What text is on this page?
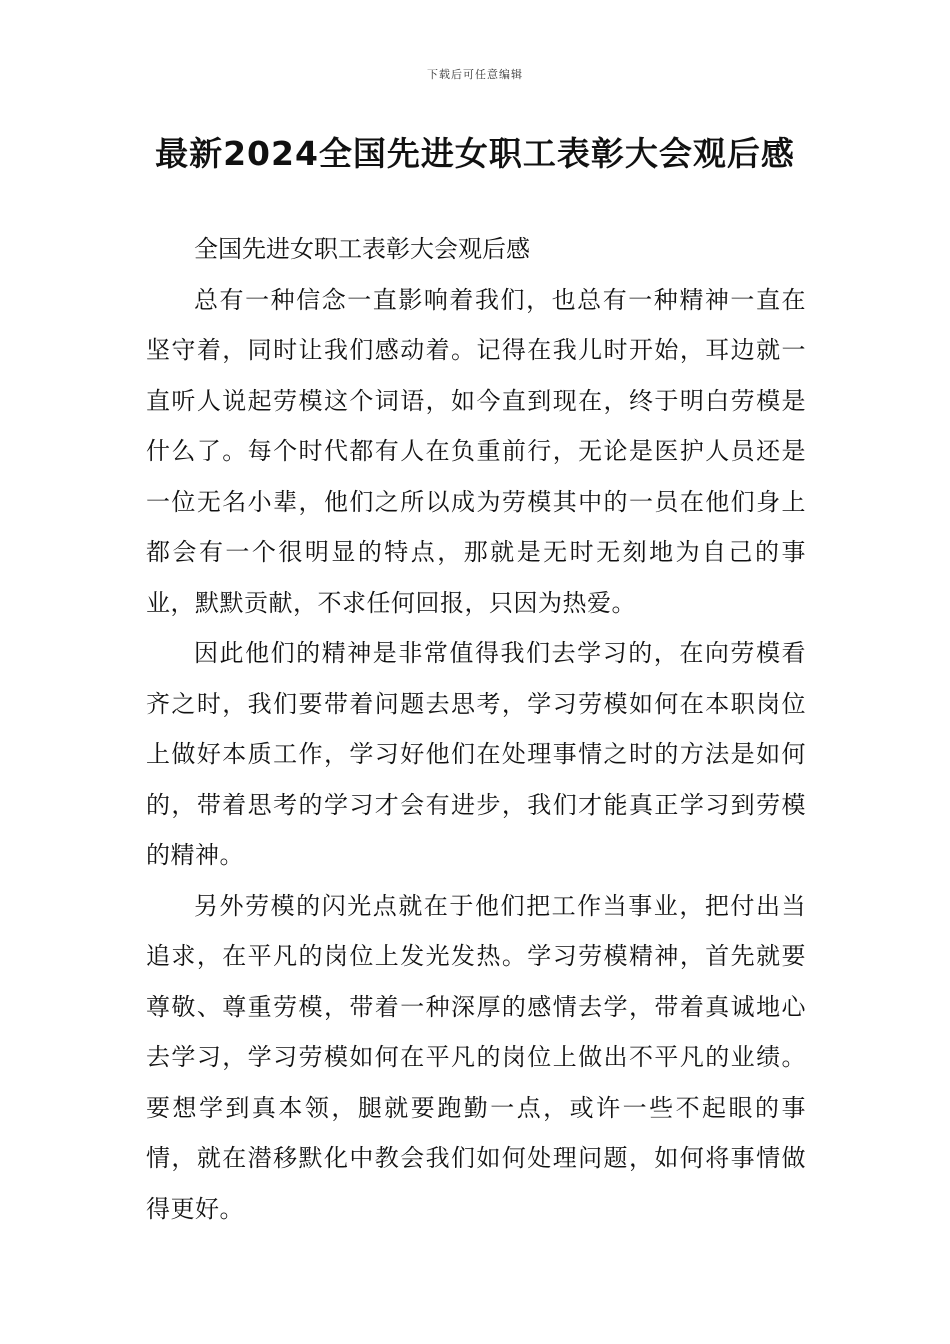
下载后可任意编辑
最新2024全国先进女职工表彰大会观后感

全国先进女职工表彰大会观后感

总有一种信念一直影响着我们，也总有一种精神一直在坚守着，同时让我们感动着。记得在我儿时开始，耳边就一直听人说起劳模这个词语，如今直到现在，终于明白劳模是什么了。每个时代都有人在负重前行，无论是医护人员还是一位无名小辈，他们之所以成为劳模其中的一员在他们身上都会有一个很明显的特点，那就是无时无刻地为自己的事业，默默贡献，不求任何回报，只因为热爱。

因此他们的精神是非常值得我们去学习的，在向劳模看齐之时，我们要带着问题去思考，学习劳模如何在本职岗位上做好本质工作，学习好他们在处理事情之时的方法是如何的，带着思考的学习才会有进步，我们才能真正学习到劳模的精神。

另外劳模的闪光点就在于他们把工作当事业，把付出当追求，在平凡的岗位上发光发热。学习劳模精神，首先就要尊敬、尊重劳模，带着一种深厚的感情去学，带着真诚地心去学习，学习劳模如何在平凡的岗位上做出不平凡的业绩。要想学到真本领，腿就要跑勤一点，或许一些不起眼的事情，就在潜移默化中教会我们如何处理问题，如何将事情做得更好。
